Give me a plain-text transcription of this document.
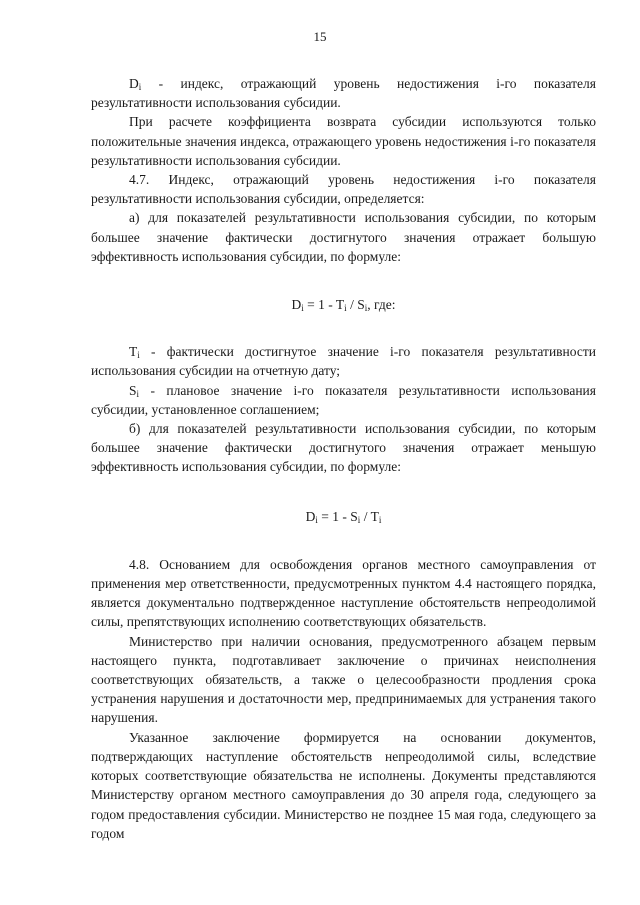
15

$D_i$ - индекс, отражающий уровень недостижения i-го показателя результативности использования субсидии.

При расчете коэффициента возврата субсидии используются только положительные значения индекса, отражающего уровень недостижения i-го показателя результативности использования субсидии.

4.7. Индекс, отражающий уровень недостижения i-го показателя результативности использования субсидии, определяется:

а) для показателей результативности использования субсидии, по которым большее значение фактически достигнутого значения отражает большую эффективность использования субсидии, по формуле:

$D_i = 1 - T_i / S_i$, где:

$T_i$ - фактически достигнутое значение i-го показателя результативности использования субсидии на отчетную дату;

$S_i$ - плановое значение i-го показателя результативности использования субсидии, установленное соглашением;

б) для показателей результативности использования субсидии, по которым большее значение фактически достигнутого значения отражает меньшую эффективность использования субсидии, по формуле:

$D_i = 1 - S_i / T_i$

4.8. Основанием для освобождения органов местного самоуправления от применения мер ответственности, предусмотренных пунктом 4.4 настоящего порядка, является документально подтвержденное наступление обстоятельств непреодолимой силы, препятствующих исполнению соответствующих обязательств.

Министерство при наличии основания, предусмотренного абзацем первым настоящего пункта, подготавливает заключение о причинах неисполнения соответствующих обязательств, а также о целесообразности продления срока устранения нарушения и достаточности мер, предпринимаемых для устранения такого нарушения.

Указанное заключение формируется на основании документов, подтверждающих наступление обстоятельств непреодолимой силы, вследствие которых соответствующие обязательства не исполнены. Документы представляются Министерству органом местного самоуправления до 30 апреля года, следующего за годом предоставления субсидии. Министерство не позднее 15 мая года, следующего за годом
